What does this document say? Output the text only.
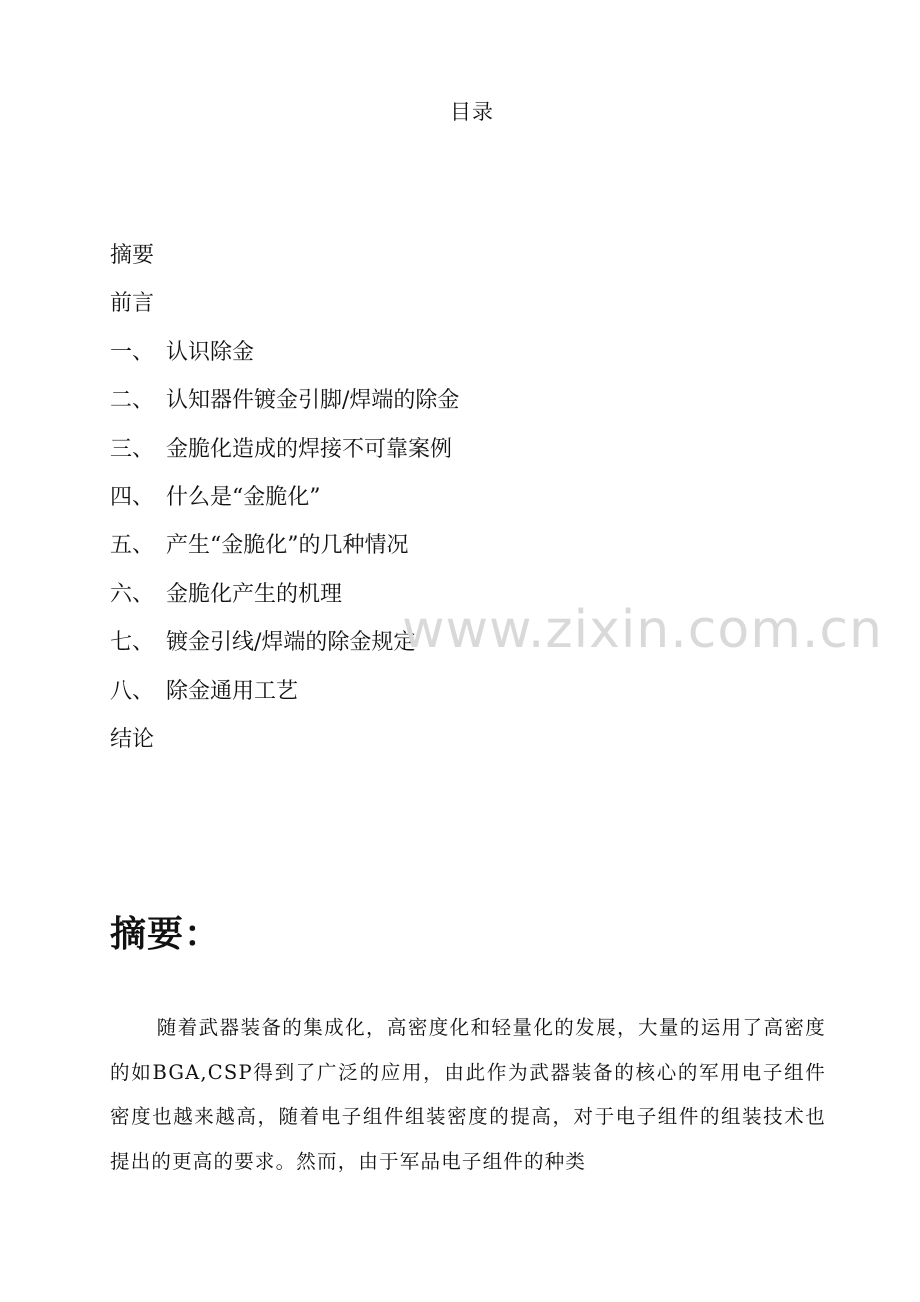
目录
摘要
前言
一、 认识除金
二、 认知器件镀金引脚/焊端的除金
三、 金脆化造成的焊接不可靠案例
四、 什么是“金脆化”
五、 产生“金脆化”的几种情况
六、 金脆化产生的机理
七、 镀金引线/焊端的除金规定
八、 除金通用工艺
结论
www.zixin.com.cn
摘要：

随着武器装备的集成化，高密度化和轻量化的发展，大量的运用了高密度的如BGA,CSP得到了广泛的应用，由此作为武器装备的核心的军用电子组件密度也越来越高，随着电子组件组装密度的提高，对于电子组件的组装技术也提出的更高的要求。然而，由于军品电子组件的种类
